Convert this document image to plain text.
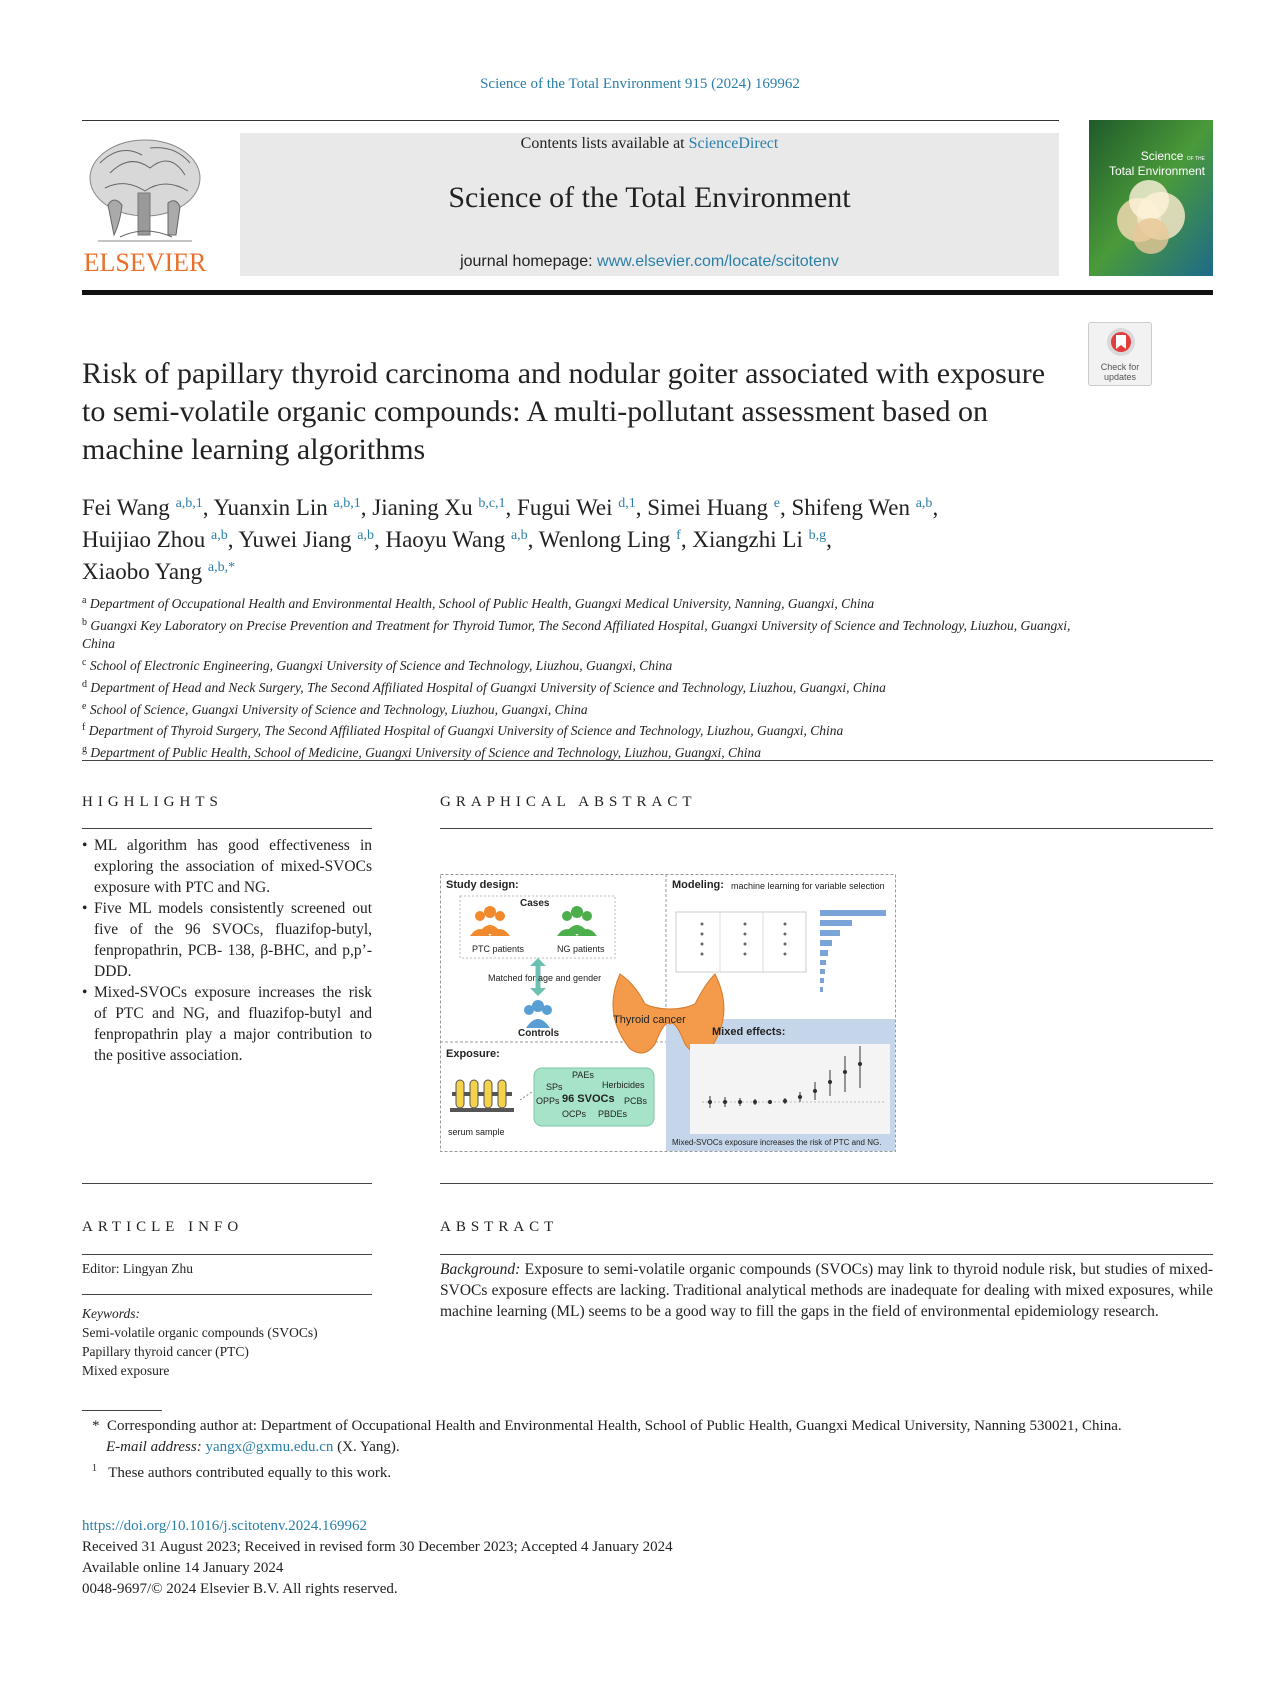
Science of the Total Environment 915 (2024) 169962
ELSEVIER
Contents lists available at ScienceDirect
Science of the Total Environment
journal homepage: www.elsevier.com/locate/scitotenv
Science OF THE
Total Environment
Check for
updates
Risk of papillary thyroid carcinoma and nodular goiter associated with exposure to semi-volatile organic compounds: A multi-pollutant assessment based on machine learning algorithms
Fei Wang $^{a,b,1}$, Yuanxin Lin $^{a,b,1}$, Jianing Xu $^{b,c,1}$, Fugui Wei $^{d,1}$, Simei Huang $^e$, Shifeng Wen $^{a,b}$,
Huijiao Zhou $^{a,b}$, Yuwei Jiang $^{a,b}$, Haoyu Wang $^{a,b}$, Wenlong Ling $^f$, Xiangzhi Li $^{b,g}$,
Xiaobo Yang $^{a,b,*}$
$^a$ Department of Occupational Health and Environmental Health, School of Public Health, Guangxi Medical University, Nanning, Guangxi, China
$^b$ Guangxi Key Laboratory on Precise Prevention and Treatment for Thyroid Tumor, The Second Affiliated Hospital, Guangxi University of Science and Technology, Liuzhou, Guangxi, China
$^c$ School of Electronic Engineering, Guangxi University of Science and Technology, Liuzhou, Guangxi, China
$^d$ Department of Head and Neck Surgery, The Second Affiliated Hospital of Guangxi University of Science and Technology, Liuzhou, Guangxi, China
$^e$ School of Science, Guangxi University of Science and Technology, Liuzhou, Guangxi, China
$^f$ Department of Thyroid Surgery, The Second Affiliated Hospital of Guangxi University of Science and Technology, Liuzhou, Guangxi, China
$^g$ Department of Public Health, School of Medicine, Guangxi University of Science and Technology, Liuzhou, Guangxi, China
HIGHLIGHTS
• ML algorithm has good effectiveness in exploring the association of mixed-SVOCs exposure with PTC and NG.
• Five ML models consistently screened out five of the 96 SVOCs, fluazifop-butyl, fenpropathrin, PCB- 138, β-BHC, and p,p’-DDD.
• Mixed-SVOCs exposure increases the risk of PTC and NG, and fluazifop-butyl and fenpropathrin play a major contribution to the positive association.
GRAPHICAL ABSTRACT
Study design:
Cases
PTC patients	NG patients
Matched for age and gender
Controls
Modeling: machine learning for variable selection
Thyroid cancer
Mixed effects:
Exposure:
serum sample
PAEs
SPs	Herbicides
OPPs 96 SVOCs PCBs
OCPs PBDEs
Mixed-SVOCs exposure increases the risk of PTC and NG.
ARTICLE INFO
Editor: Lingyan Zhu
Keywords:
Semi-volatile organic compounds (SVOCs)
Papillary thyroid cancer (PTC)
Mixed exposure
ABSTRACT
Background: Exposure to semi-volatile organic compounds (SVOCs) may link to thyroid nodule risk, but studies of mixed-SVOCs exposure effects are lacking. Traditional analytical methods are inadequate for dealing with mixed exposures, while machine learning (ML) seems to be a good way to fill the gaps in the field of environmental epidemiology research.
* Corresponding author at: Department of Occupational Health and Environmental Health, School of Public Health, Guangxi Medical University, Nanning 530021, China.
E-mail address: yangx@gxmu.edu.cn (X. Yang).
$^1$ These authors contributed equally to this work.
https://doi.org/10.1016/j.scitotenv.2024.169962
Received 31 August 2023; Received in revised form 30 December 2023; Accepted 4 January 2024
Available online 14 January 2024
0048-9697/© 2024 Elsevier B.V. All rights reserved.
